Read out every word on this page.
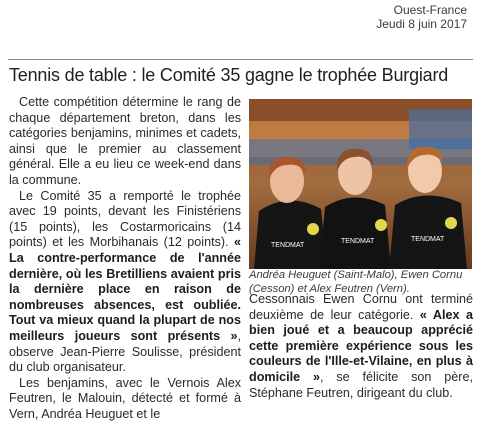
Ouest-France
Jeudi 8 juin 2017
Tennis de table : le Comité 35 gagne le trophée Burgiard

Cette compétition détermine le rang de chaque département breton, dans les catégories benjamins, minimes et cadets, ainsi que le premier au classement général. Elle a eu lieu ce week-end dans la commune.

Le Comité 35 a remporté le trophée avec 19 points, devant les Finistériens (15 points), les Costarmoricains (14 points) et les Morbihanais (12 points). « La contre-performance de l'année dernière, où les Bretilliens avaient pris la dernière place en raison de nombreuses absences, est oubliée. Tout va mieux quand la plupart de nos meilleurs joueurs sont présents », observe Jean-Pierre Soulisse, président du club organisateur.

Les benjamins, avec le Vernois Alex Feutren, le Malouin, détecté et formé à Vern, Andréa Heuguet et le

TENDMAT
TENDMAT	TENDMAT
Andréa Heuguet (Saint-Malo), Ewen Cornu (Cesson) et Alex Feutren (Vern).

Cessonnais Ewen Cornu ont terminé deuxième de leur catégorie. « Alex a bien joué et a beaucoup apprécié cette première expérience sous les couleurs de l'Ille-et-Vilaine, en plus à domicile », se félicite son père, Stéphane Feutren, dirigeant du club.
